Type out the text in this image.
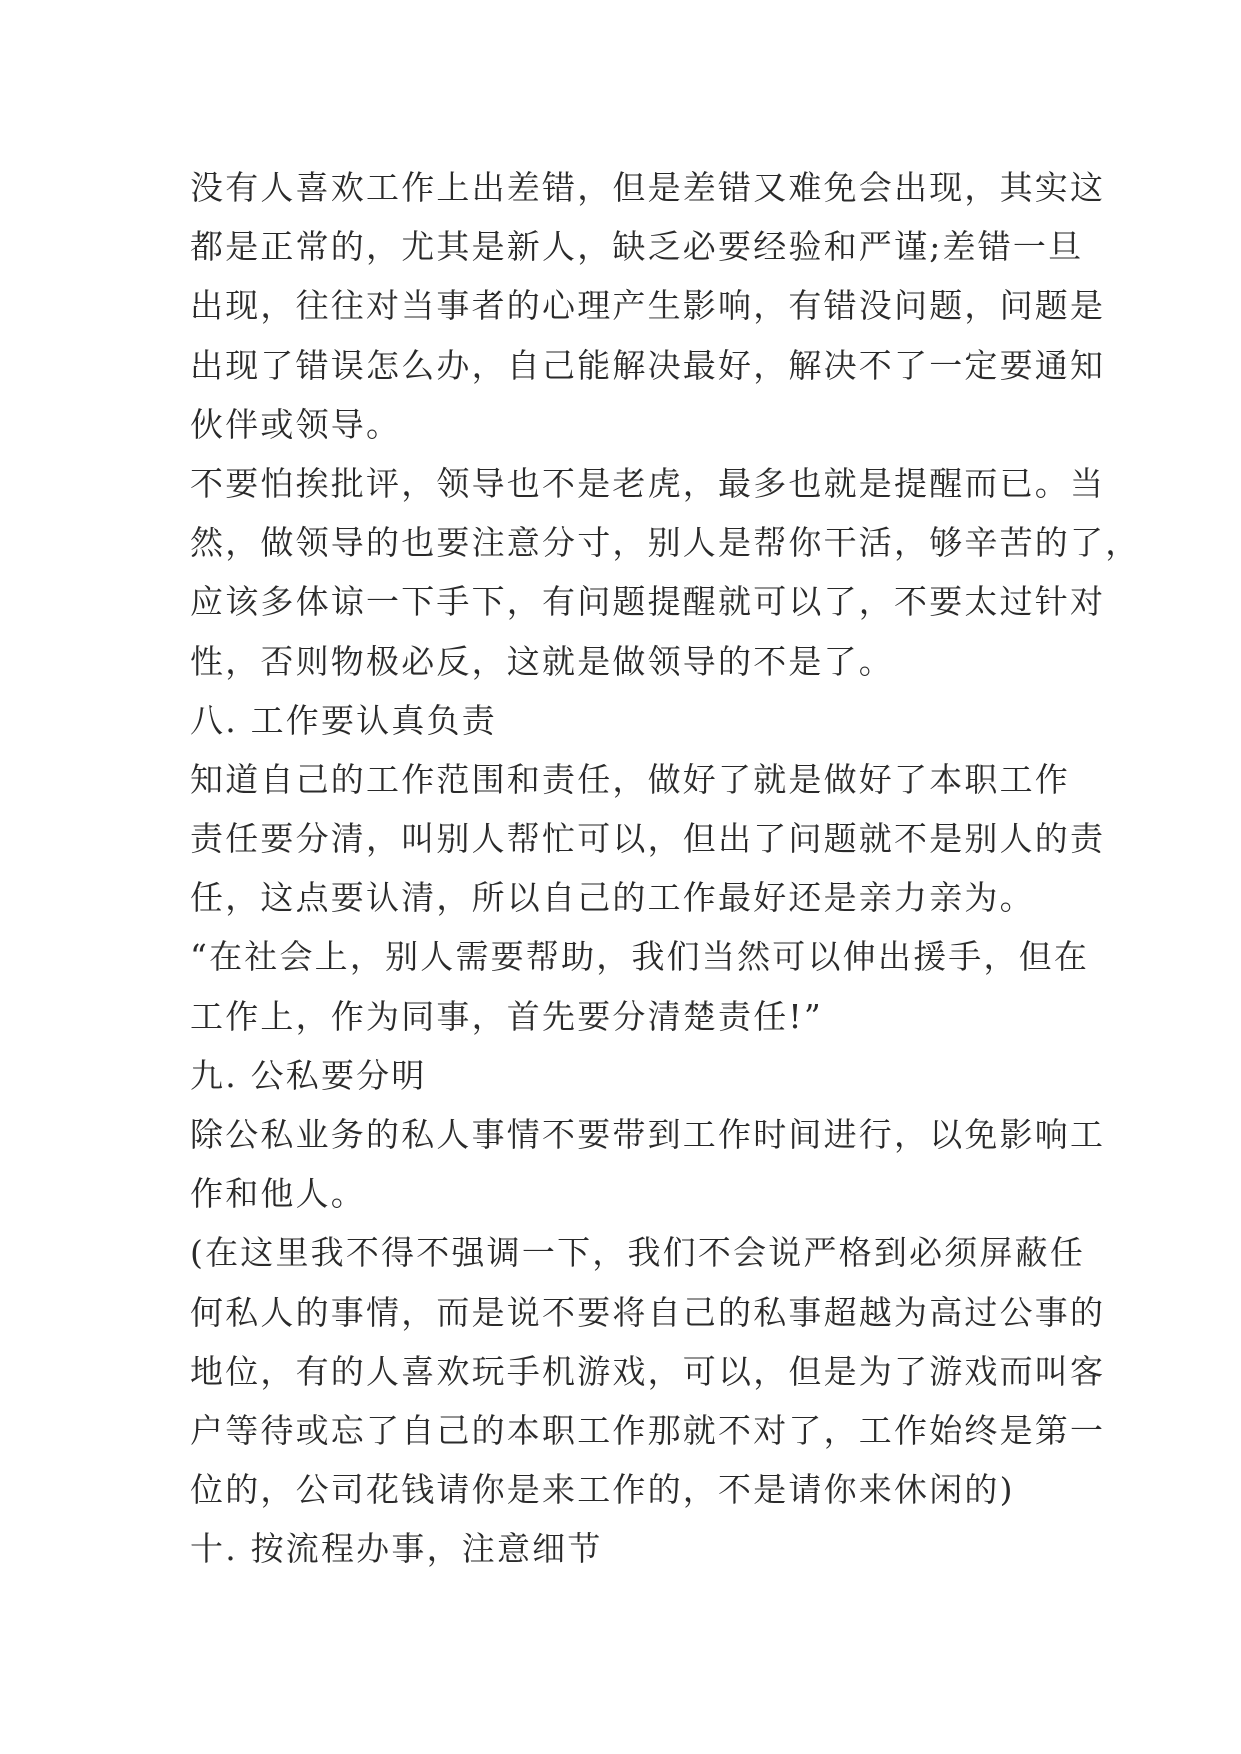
没有人喜欢工作上出差错，但是差错又难免会出现，其实这
都是正常的，尤其是新人，缺乏必要经验和严谨;差错一旦
出现，往往对当事者的心理产生影响，有错没问题，问题是
出现了错误怎么办，自己能解决最好，解决不了一定要通知
伙伴或领导。
不要怕挨批评，领导也不是老虎，最多也就是提醒而已。当
然，做领导的也要注意分寸，别人是帮你干活，够辛苦的了，
应该多体谅一下手下，有问题提醒就可以了，不要太过针对
性，否则物极必反，这就是做领导的不是了。
八. 工作要认真负责
知道自己的工作范围和责任，做好了就是做好了本职工作
责任要分清，叫别人帮忙可以，但出了问题就不是别人的责
任，这点要认清，所以自己的工作最好还是亲力亲为。
“在社会上，别人需要帮助，我们当然可以伸出援手，但在
工作上，作为同事，首先要分清楚责任!”
九. 公私要分明
除公私业务的私人事情不要带到工作时间进行，以免影响工
作和他人。
(在这里我不得不强调一下，我们不会说严格到必须屏蔽任
何私人的事情，而是说不要将自己的私事超越为高过公事的
地位，有的人喜欢玩手机游戏，可以，但是为了游戏而叫客
户等待或忘了自己的本职工作那就不对了，工作始终是第一
位的，公司花钱请你是来工作的，不是请你来休闲的)
十. 按流程办事，注意细节
